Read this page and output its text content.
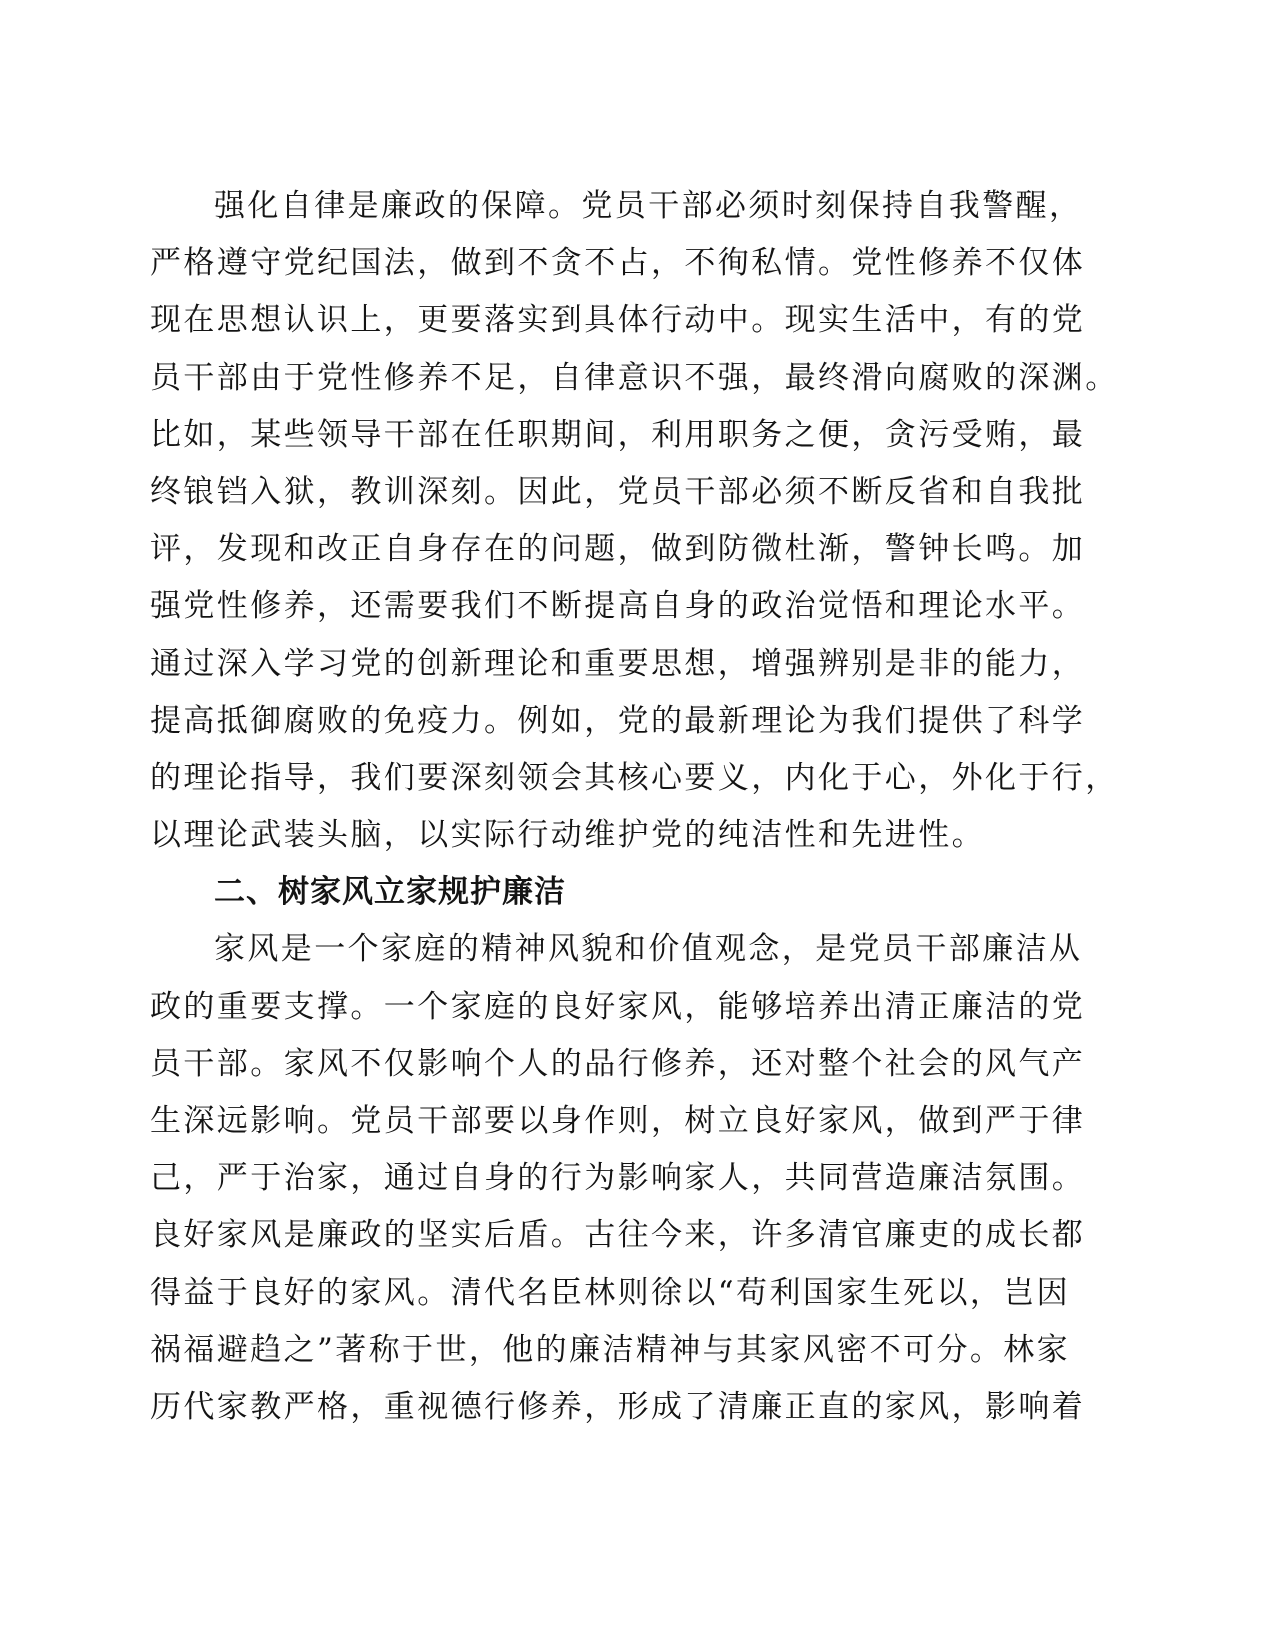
强化自律是廉政的保障。党员干部必须时刻保持自我警醒，
严格遵守党纪国法，做到不贪不占，不徇私情。党性修养不仅体
现在思想认识上，更要落实到具体行动中。现实生活中，有的党
员干部由于党性修养不足，自律意识不强，最终滑向腐败的深渊。
比如，某些领导干部在任职期间，利用职务之便，贪污受贿，最
终锒铛入狱，教训深刻。因此，党员干部必须不断反省和自我批
评，发现和改正自身存在的问题，做到防微杜渐，警钟长鸣。加
强党性修养，还需要我们不断提高自身的政治觉悟和理论水平。
通过深入学习党的创新理论和重要思想，增强辨别是非的能力，
提高抵御腐败的免疫力。例如，党的最新理论为我们提供了科学
的理论指导，我们要深刻领会其核心要义，内化于心，外化于行，
以理论武装头脑，以实际行动维护党的纯洁性和先进性。
二、树家风立家规护廉洁
家风是一个家庭的精神风貌和价值观念，是党员干部廉洁从
政的重要支撑。一个家庭的良好家风，能够培养出清正廉洁的党
员干部。家风不仅影响个人的品行修养，还对整个社会的风气产
生深远影响。党员干部要以身作则，树立良好家风，做到严于律
己，严于治家，通过自身的行为影响家人，共同营造廉洁氛围。
良好家风是廉政的坚实后盾。古往今来，许多清官廉吏的成长都
得益于良好的家风。清代名臣林则徐以“苟利国家生死以，岂因
祸福避趋之”著称于世，他的廉洁精神与其家风密不可分。林家
历代家教严格，重视德行修养，形成了清廉正直的家风，影响着
